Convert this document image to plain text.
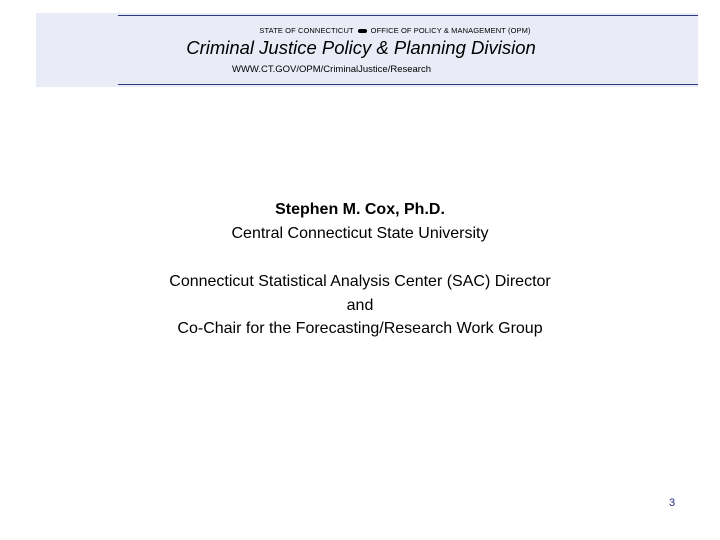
STATE OF CONNECTICUT OFFICE OF POLICY & MANAGEMENT (OPM)
Criminal Justice Policy & Planning Division
WWW.CT.GOV/OPM/CriminalJustice/Research
Stephen M. Cox, Ph.D.
Central Connecticut State University
Connecticut Statistical Analysis Center (SAC) Director
and
Co-Chair for the Forecasting/Research Work Group
3
